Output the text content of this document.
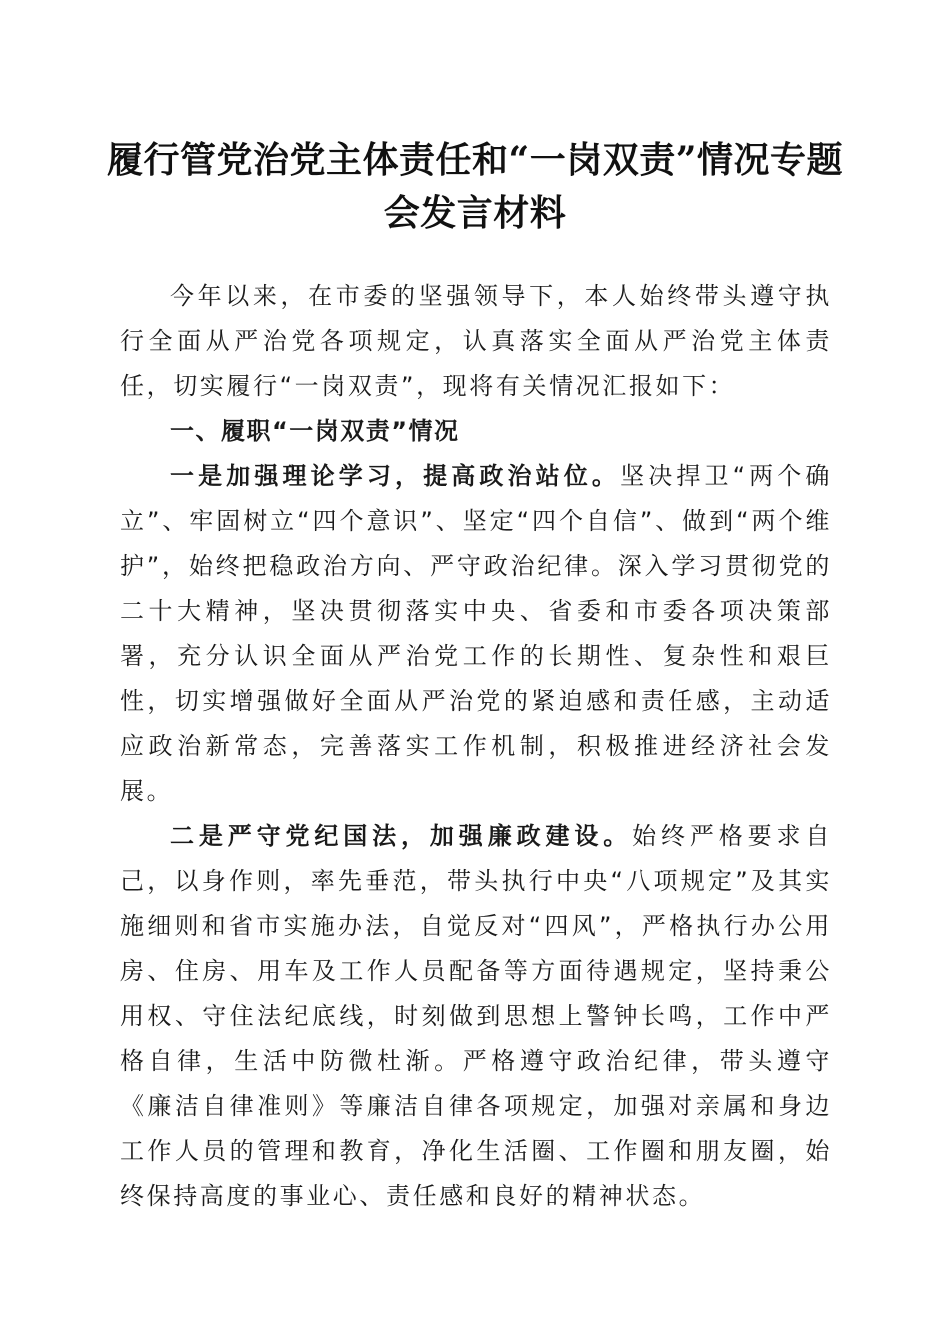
履行管党治党主体责任和“一岗双责”情况专题会发言材料

今年以来，在市委的坚强领导下，本人始终带头遵守执行全面从严治党各项规定，认真落实全面从严治党主体责任，切实履行“一岗双责”，现将有关情况汇报如下：

一、履职“一岗双责”情况

一是加强理论学习，提高政治站位。坚决捍卫“两个确立”、牢固树立“四个意识”、坚定“四个自信”、做到“两个维护”，始终把稳政治方向、严守政治纪律。深入学习贯彻党的二十大精神，坚决贯彻落实中央、省委和市委各项决策部署，充分认识全面从严治党工作的长期性、复杂性和艰巨性，切实增强做好全面从严治党的紧迫感和责任感，主动适应政治新常态，完善落实工作机制，积极推进经济社会发展。

二是严守党纪国法，加强廉政建设。始终严格要求自己，以身作则，率先垂范，带头执行中央“八项规定”及其实施细则和省市实施办法，自觉反对“四风”，严格执行办公用房、住房、用车及工作人员配备等方面待遇规定，坚持秉公用权、守住法纪底线，时刻做到思想上警钟长鸣，工作中严格自律，生活中防微杜渐。严格遵守政治纪律，带头遵守《廉洁自律准则》等廉洁自律各项规定，加强对亲属和身边工作人员的管理和教育，净化生活圈、工作圈和朋友圈，始终保持高度的事业心、责任感和良好的精神状态。
